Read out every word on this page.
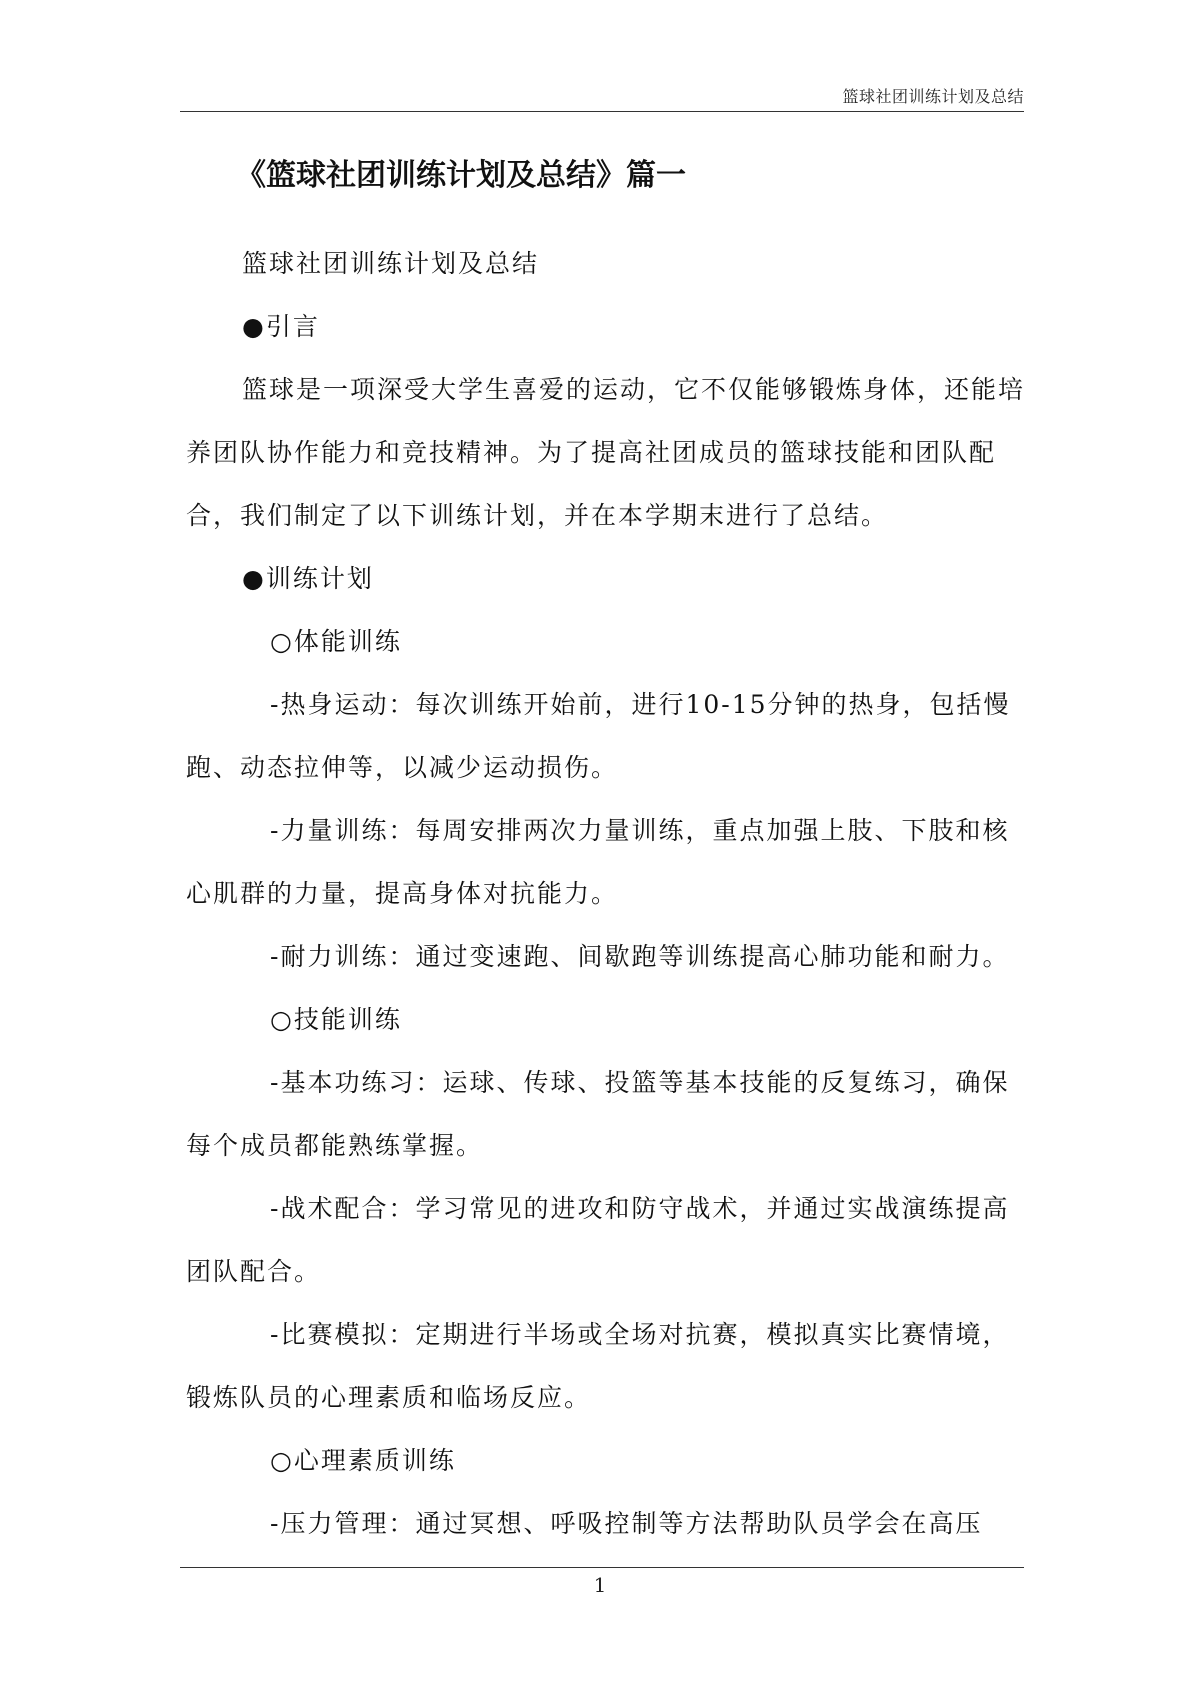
篮球社团训练计划及总结
《篮球社团训练计划及总结》篇一

篮球社团训练计划及总结

●引言

篮球是一项深受大学生喜爱的运动，它不仅能够锻炼身体，还能培养团队协作能力和竞技精神。为了提高社团成员的篮球技能和团队配合，我们制定了以下训练计划，并在本学期末进行了总结。

●训练计划

○体能训练

-热身运动：每次训练开始前，进行10-15分钟的热身，包括慢跑、动态拉伸等，以减少运动损伤。

-力量训练：每周安排两次力量训练，重点加强上肢、下肢和核心肌群的力量，提高身体对抗能力。

-耐力训练：通过变速跑、间歇跑等训练提高心肺功能和耐力。

○技能训练

-基本功练习：运球、传球、投篮等基本技能的反复练习，确保每个成员都能熟练掌握。

-战术配合：学习常见的进攻和防守战术，并通过实战演练提高团队配合。

-比赛模拟：定期进行半场或全场对抗赛，模拟真实比赛情境，锻炼队员的心理素质和临场反应。

○心理素质训练

-压力管理：通过冥想、呼吸控制等方法帮助队员学会在高压

1
